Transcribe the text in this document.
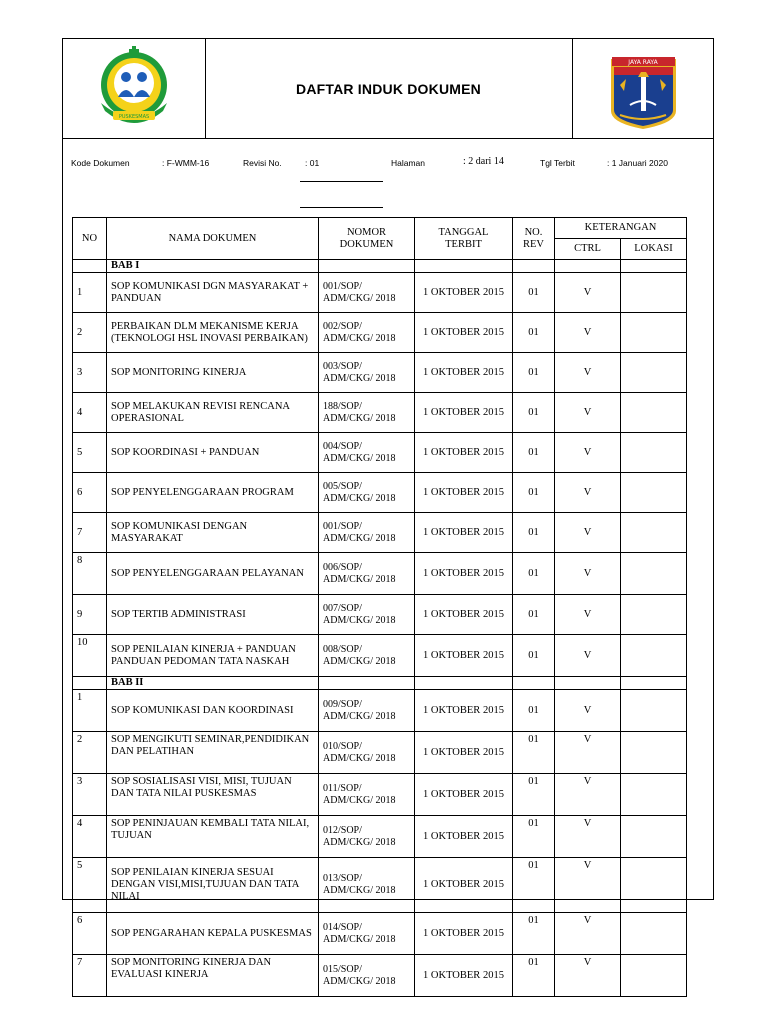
PUSKESMAS
DAFTAR INDUK DOKUMEN
JAYA RAYA
Kode Dokumen	: F-WMM-16	Revisi No.	: 01	Halaman	: 2 dari 14	Tgl Terbit	: 1 Januari 2020
NO	NAMA DOKUMEN	NOMOR DOKUMEN	TANGGAL TERBIT	NO. REV	KETERANGAN	
					CTRL	LOKASI
	BAB I					
1	SOP KOMUNIKASI DGN MASYARAKAT + PANDUAN	001/SOP/ ADM/CKG/ 2018	1 OKTOBER 2015	01	V	
2	PERBAIKAN DLM MEKANISME KERJA (TEKNOLOGI HSL INOVASI PERBAIKAN)	002/SOP/ ADM/CKG/ 2018	1 OKTOBER 2015	01	V	
3	SOP MONITORING KINERJA	003/SOP/ ADM/CKG/ 2018	1 OKTOBER 2015	01	V	
4	SOP MELAKUKAN REVISI RENCANA OPERASIONAL	188/SOP/ ADM/CKG/ 2018	1 OKTOBER 2015	01	V	
5	SOP KOORDINASI + PANDUAN	004/SOP/ ADM/CKG/ 2018	1 OKTOBER 2015	01	V	
6	SOP PENYELENGGARAAN PROGRAM	005/SOP/ ADM/CKG/ 2018	1 OKTOBER 2015	01	V	
7	SOP KOMUNIKASI DENGAN MASYARAKAT	001/SOP/ ADM/CKG/ 2018	1 OKTOBER 2015	01	V	
8	SOP PENYELENGGARAAN PELAYANAN	006/SOP/ ADM/CKG/ 2018	1 OKTOBER 2015	01	V	
9	SOP TERTIB ADMINISTRASI	007/SOP/ ADM/CKG/ 2018	1 OKTOBER 2015	01	V	
10	SOP PENILAIAN KINERJA + PANDUAN PANDUAN PEDOMAN TATA NASKAH	008/SOP/ ADM/CKG/ 2018	1 OKTOBER 2015	01	V	
	BAB II					
1	SOP KOMUNIKASI DAN KOORDINASI	009/SOP/ ADM/CKG/ 2018	1 OKTOBER 2015	01	V	
2	SOP MENGIKUTI SEMINAR,PENDIDIKAN DAN PELATIHAN	010/SOP/ ADM/CKG/ 2018	1 OKTOBER 2015	01	V	
3	SOP SOSIALISASI VISI, MISI, TUJUAN DAN TATA NILAI PUSKESMAS	011/SOP/ ADM/CKG/ 2018	1 OKTOBER 2015	01	V	
4	SOP PENINJAUAN KEMBALI TATA NILAI, TUJUAN	012/SOP/ ADM/CKG/ 2018	1 OKTOBER 2015	01	V	
5	SOP PENILAIAN KINERJA SESUAI DENGAN VISI,MISI,TUJUAN DAN TATA NILAI	013/SOP/ ADM/CKG/ 2018	1 OKTOBER 2015	01	V	
6	SOP PENGARAHAN KEPALA PUSKESMAS	014/SOP/ ADM/CKG/ 2018	1 OKTOBER 2015	01	V	
7	SOP MONITORING KINERJA DAN EVALUASI KINERJA	015/SOP/ ADM/CKG/ 2018	1 OKTOBER 2015	01	V	
